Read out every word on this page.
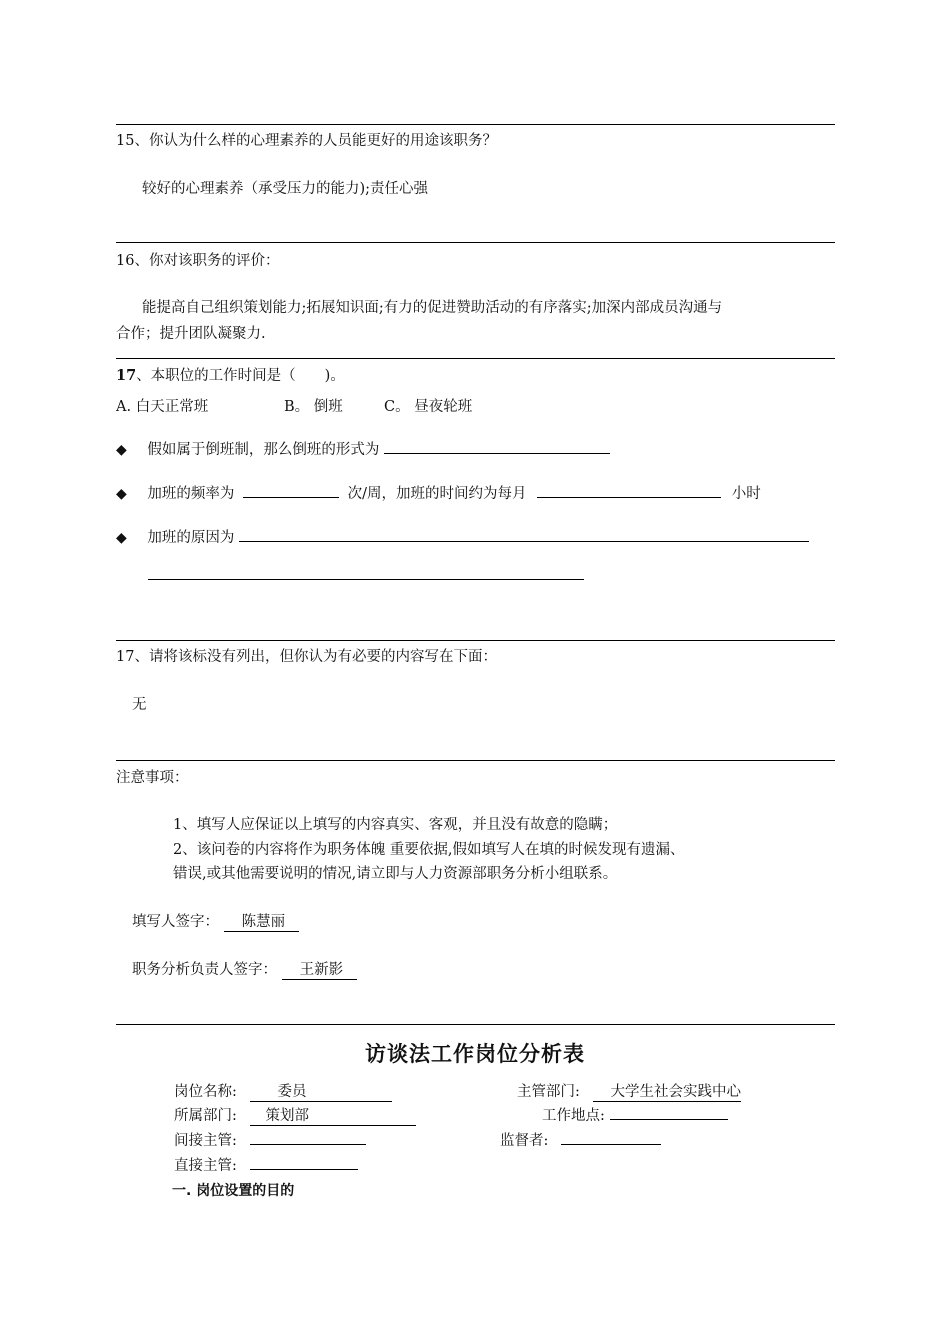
15、你认为什么样的心理素养的人员能更好的用途该职务？
较好的心理素养（承受压力的能力);责任心强
16、你对该职务的评价：
能提高自己组织策划能力;拓展知识面;有力的促进赞助活动的有序落实;加深内部成员沟通与
合作；提升团队凝聚力.
17、本职位的工作时间是（　　)。
A. 白天正常班	B。 倒班	C。 昼夜轮班
◆ 假如属于倒班制，那么倒班的形式为
◆ 加班的频率为	次/周，加班的时间约为每月	小时
◆ 加班的原因为
17、请将该标没有列出，但你认为有必要的内容写在下面：
无
注意事项：
1、填写人应保证以上填写的内容真实、客观，并且没有故意的隐瞒；
2、该问卷的内容将作为职务体魄 重要依据,假如填写人在填的时候发现有遗漏、
错误,或其他需要说明的情况,请立即与人力资源部职务分析小组联系。
填写人签字： 陈慧丽
职务分析负责人签字： 王新影
访谈法工作岗位分析表
岗位名称:	委员	主管部门: 大学生社会实践中心
所属部门: 策划部	工作地点:
间接主管:	监督者:
直接主管:
一. 岗位设置的目的
